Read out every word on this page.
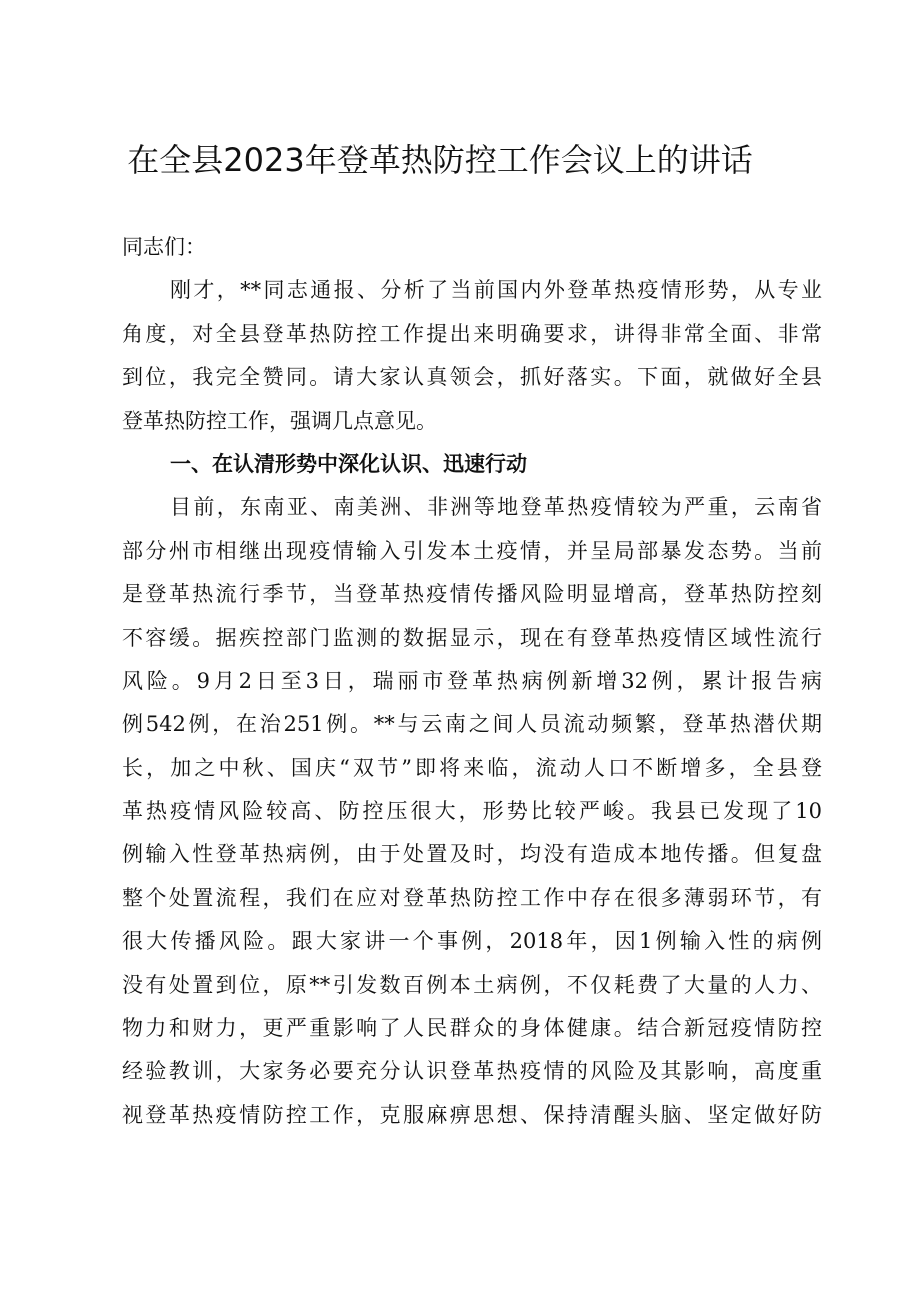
在全县2023年登革热防控工作会议上的讲话
同志们：
刚才，**同志通报、分析了当前国内外登革热疫情形势，从专业
角度，对全县登革热防控工作提出来明确要求，讲得非常全面、非常
到位，我完全赞同。请大家认真领会，抓好落实。下面，就做好全县
登革热防控工作，强调几点意见。
一、在认清形势中深化认识、迅速行动
目前，东南亚、南美洲、非洲等地登革热疫情较为严重，云南省
部分州市相继出现疫情输入引发本土疫情，并呈局部暴发态势。当前
是登革热流行季节，当登革热疫情传播风险明显增高，登革热防控刻
不容缓。据疾控部门监测的数据显示，现在有登革热疫情区域性流行
风险。9月2日至3日，瑞丽市登革热病例新增32例，累计报告病
例542例，在治251例。**与云南之间人员流动频繁，登革热潜伏期
长，加之中秋、国庆“双节”即将来临，流动人口不断增多，全县登
革热疫情风险较高、防控压很大，形势比较严峻。我县已发现了10
例输入性登革热病例，由于处置及时，均没有造成本地传播。但复盘
整个处置流程，我们在应对登革热防控工作中存在很多薄弱环节，有
很大传播风险。跟大家讲一个事例，2018年，因1例输入性的病例
没有处置到位，原**引发数百例本土病例，不仅耗费了大量的人力、
物力和财力，更严重影响了人民群众的身体健康。结合新冠疫情防控
经验教训，大家务必要充分认识登革热疫情的风险及其影响，高度重
视登革热疫情防控工作，克服麻痹思想、保持清醒头脑、坚定做好防
